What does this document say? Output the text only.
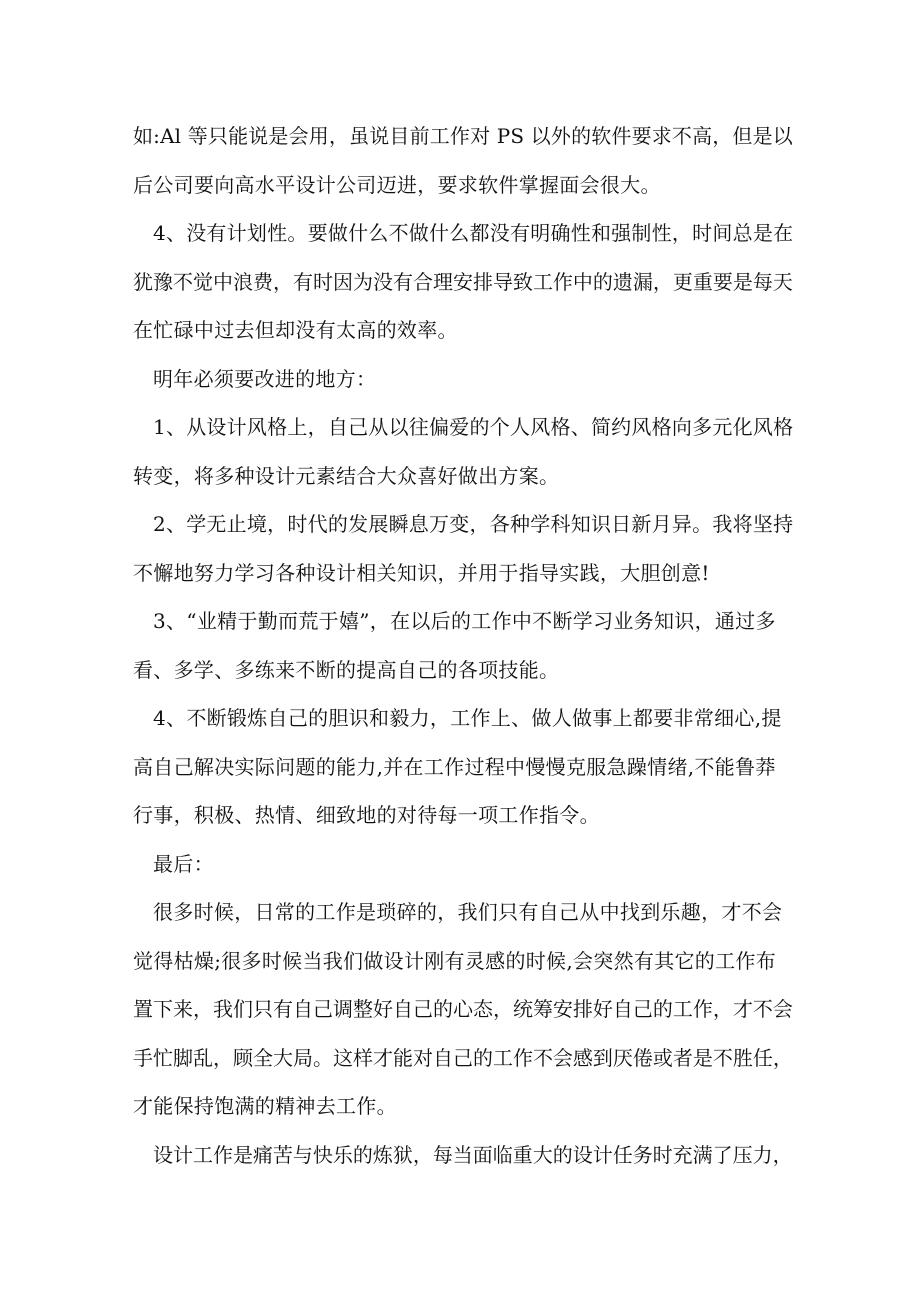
如:Al 等只能说是会用，虽说目前工作对 PS 以外的软件要求不高，但是以
后公司要向高水平设计公司迈进，要求软件掌握面会很大。
4、没有计划性。要做什么不做什么都没有明确性和强制性，时间总是在
犹豫不觉中浪费，有时因为没有合理安排导致工作中的遗漏，更重要是每天
在忙碌中过去但却没有太高的效率。
明年必须要改进的地方：
1、从设计风格上，自己从以往偏爱的个人风格、简约风格向多元化风格
转变，将多种设计元素结合大众喜好做出方案。
2、学无止境，时代的发展瞬息万变，各种学科知识日新月异。我将坚持
不懈地努力学习各种设计相关知识，并用于指导实践，大胆创意!
3、“业精于勤而荒于嬉”，在以后的工作中不断学习业务知识，通过多
看、多学、多练来不断的提高自己的各项技能。
4、不断锻炼自己的胆识和毅力，工作上、做人做事上都要非常细心,提
高自己解决实际问题的能力,并在工作过程中慢慢克服急躁情绪,不能鲁莽
行事，积极、热情、细致地的对待每一项工作指令。
最后：
很多时候，日常的工作是琐碎的，我们只有自己从中找到乐趣，才不会
觉得枯燥;很多时候当我们做设计刚有灵感的时候,会突然有其它的工作布
置下来，我们只有自己调整好自己的心态，统筹安排好自己的工作，才不会
手忙脚乱，顾全大局。这样才能对自己的工作不会感到厌倦或者是不胜任，
才能保持饱满的精神去工作。
设计工作是痛苦与快乐的炼狱，每当面临重大的设计任务时充满了压力，
